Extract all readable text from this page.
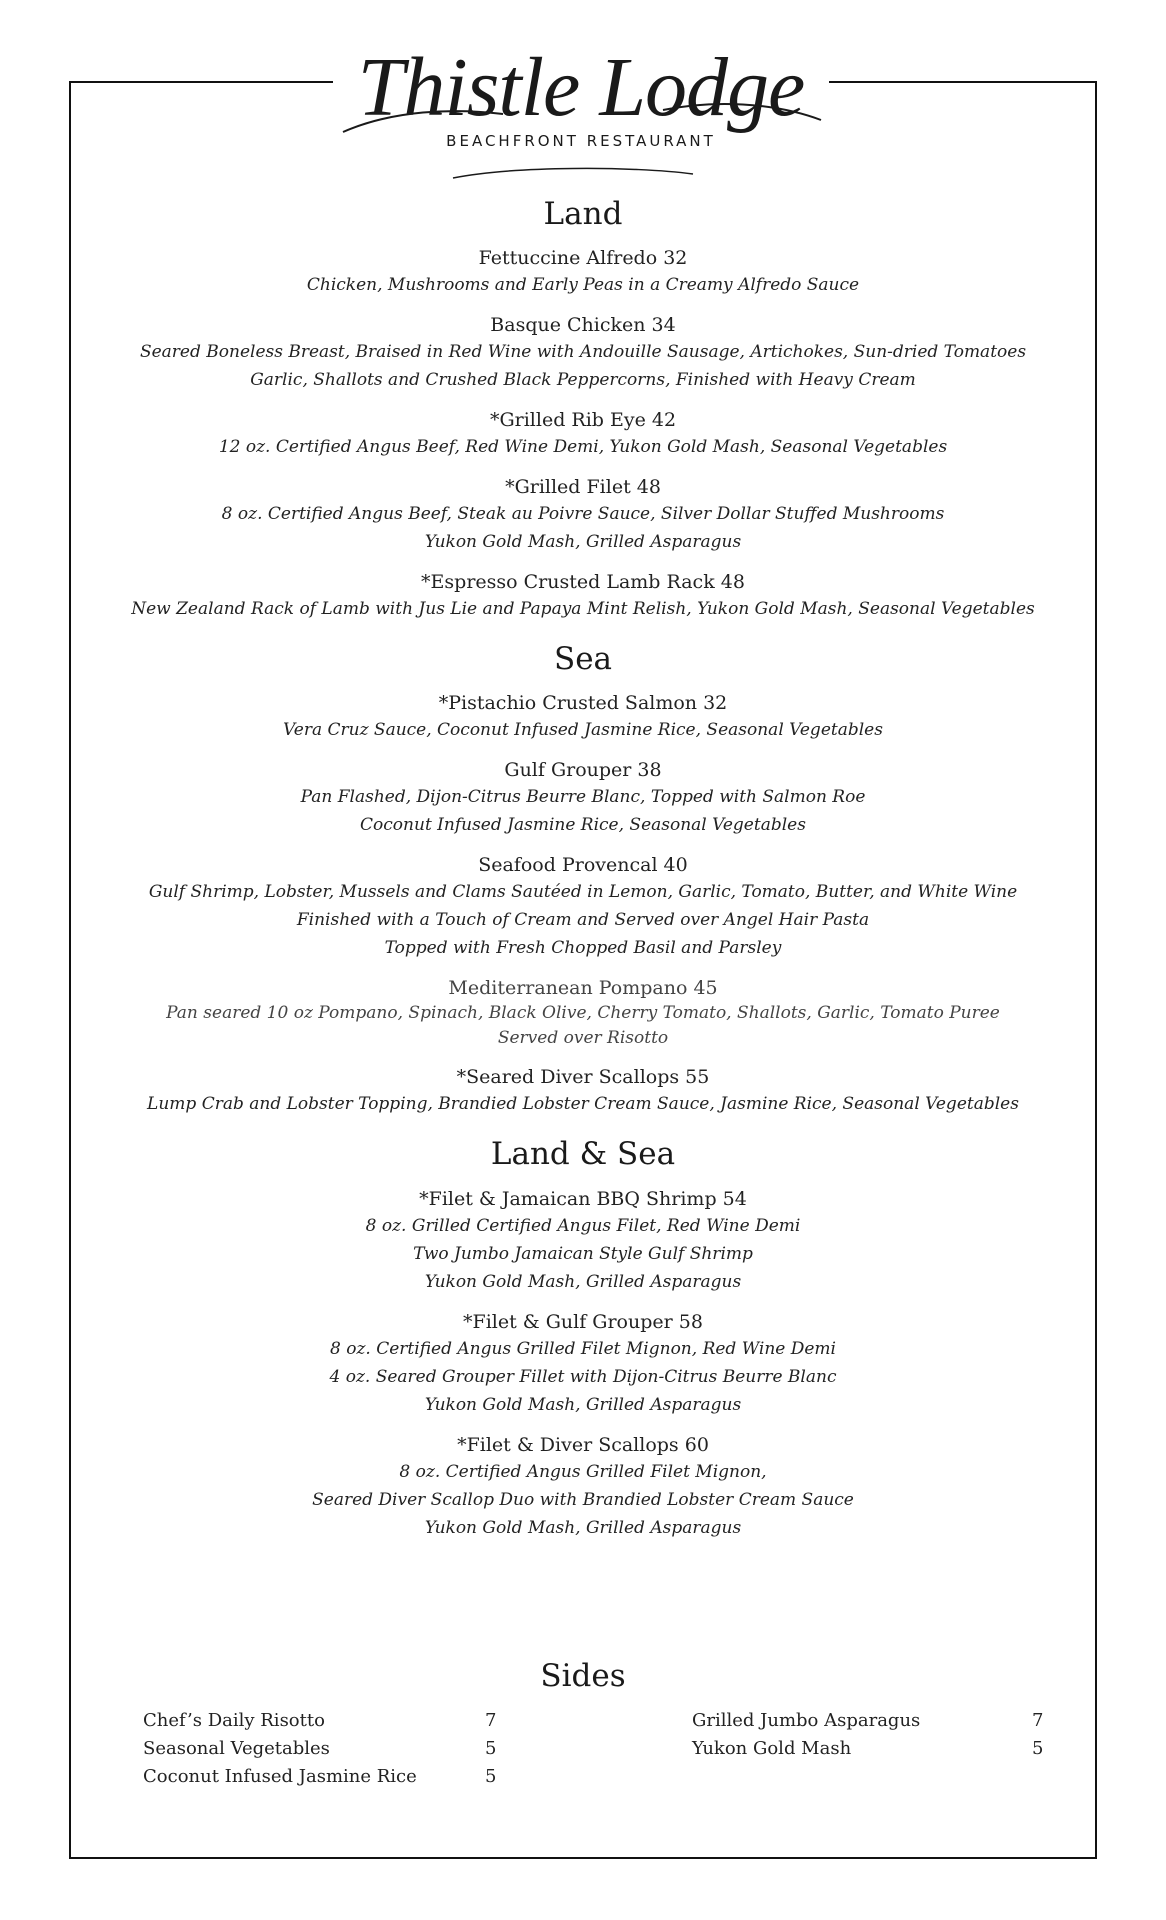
Thistle Lodge
BEACHFRONT RESTAURANT
Land
Fettuccine Alfredo 32
Chicken, Mushrooms and Early Peas in a Creamy Alfredo Sauce
Basque Chicken 34
Seared Boneless Breast, Braised in Red Wine with Andouille Sausage, Artichokes, Sun-dried Tomatoes
Garlic, Shallots and Crushed Black Peppercorns, Finished with Heavy Cream
*Grilled Rib Eye 42
12 oz. Certified Angus Beef, Red Wine Demi, Yukon Gold Mash, Seasonal Vegetables
*Grilled Filet 48
8 oz. Certified Angus Beef, Steak au Poivre Sauce, Silver Dollar Stuffed Mushrooms
Yukon Gold Mash, Grilled Asparagus
*Espresso Crusted Lamb Rack 48
New Zealand Rack of Lamb with Jus Lie and Papaya Mint Relish, Yukon Gold Mash, Seasonal Vegetables
Sea
*Pistachio Crusted Salmon 32
Vera Cruz Sauce, Coconut Infused Jasmine Rice, Seasonal Vegetables
Gulf Grouper 38
Pan Flashed, Dijon-Citrus Beurre Blanc, Topped with Salmon Roe
Coconut Infused Jasmine Rice, Seasonal Vegetables
Seafood Provencal 40
Gulf Shrimp, Lobster, Mussels and Clams Sautéed in Lemon, Garlic, Tomato, Butter, and White Wine
Finished with a Touch of Cream and Served over Angel Hair Pasta
Topped with Fresh Chopped Basil and Parsley
Mediterranean Pompano 45
Pan seared 10 oz Pompano, Spinach, Black Olive, Cherry Tomato, Shallots, Garlic, Tomato Puree
Served over Risotto
*Seared Diver Scallops 55
Lump Crab and Lobster Topping, Brandied Lobster Cream Sauce, Jasmine Rice, Seasonal Vegetables
Land & Sea
*Filet & Jamaican BBQ Shrimp 54
8 oz. Grilled Certified Angus Filet, Red Wine Demi
Two Jumbo Jamaican Style Gulf Shrimp
Yukon Gold Mash, Grilled Asparagus
*Filet & Gulf Grouper 58
8 oz. Certified Angus Grilled Filet Mignon, Red Wine Demi
4 oz. Seared Grouper Fillet with Dijon-Citrus Beurre Blanc
Yukon Gold Mash, Grilled Asparagus
*Filet & Diver Scallops 60
8 oz. Certified Angus Grilled Filet Mignon,
Seared Diver Scallop Duo with Brandied Lobster Cream Sauce
Yukon Gold Mash, Grilled Asparagus
Sides
Chef’s Daily Risotto	7
Seasonal Vegetables	5
Coconut Infused Jasmine Rice	5
Grilled Jumbo Asparagus	7
Yukon Gold Mash	5
